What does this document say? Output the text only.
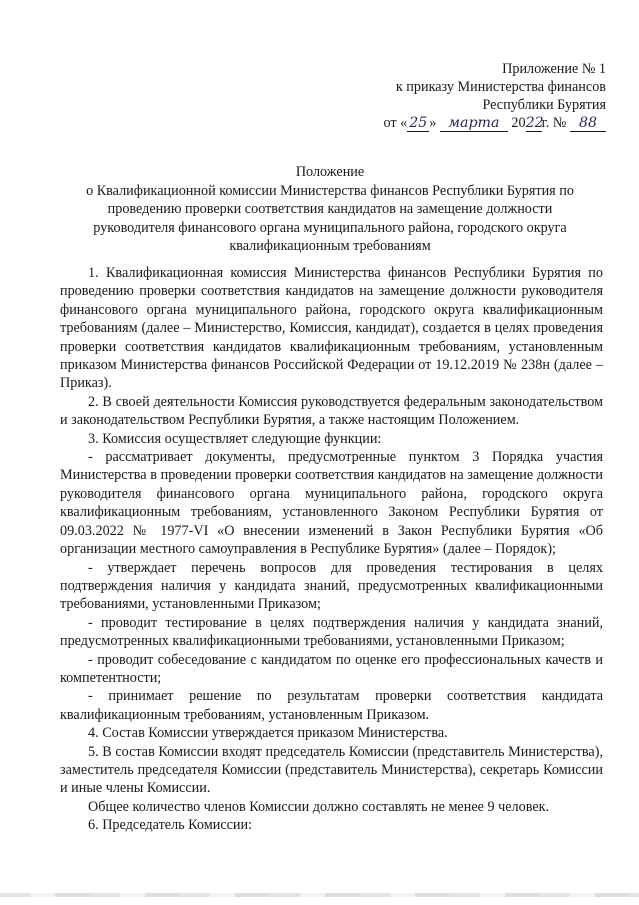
Приложение № 1
к приказу Министерства финансов
Республики Бурятия
от « 25 » марта 2022г. № 88
Положение
о Квалификационной комиссии Министерства финансов Республики Бурятия по
проведению проверки соответствия кандидатов на замещение должности
руководителя финансового органа муниципального района, городского округа
квалификационным требованиям

1. Квалификационная комиссия Министерства финансов Республики Бурятия по проведению проверки соответствия кандидатов на замещение должности руководителя финансового органа муниципального района, городского округа квалификационным требованиям (далее – Министерство, Комиссия, кандидат), создается в целях проведения проверки соответствия кандидатов квалификационным требованиям, установленным приказом Министерства финансов Российской Федерации от 19.12.2019 № 238н (далее – Приказ).

2. В своей деятельности Комиссия руководствуется федеральным законодательством и законодательством Республики Бурятия, а также настоящим Положением.

3. Комиссия осуществляет следующие функции:

- рассматривает документы, предусмотренные пунктом 3 Порядка участия Министерства в проведении проверки соответствия кандидатов на замещение должности руководителя финансового органа муниципального района, городского округа квалификационным требованиям, установленного Законом Республики Бурятия от 09.03.2022 № 1977-VI «О внесении изменений в Закон Республики Бурятия «Об организации местного самоуправления в Республике Бурятия» (далее – Порядок);

- утверждает перечень вопросов для проведения тестирования в целях подтверждения наличия у кандидата знаний, предусмотренных квалификационными требованиями, установленными Приказом;

- проводит тестирование в целях подтверждения наличия у кандидата знаний, предусмотренных квалификационными требованиями, установленными Приказом;

- проводит собеседование с кандидатом по оценке его профессиональных качеств и компетентности;

- принимает решение по результатам проверки соответствия кандидата квалификационным требованиям, установленным Приказом.

4. Состав Комиссии утверждается приказом Министерства.

5. В состав Комиссии входят председатель Комиссии (представитель Министерства), заместитель председателя Комиссии (представитель Министерства), секретарь Комиссии и иные члены Комиссии.

Общее количество членов Комиссии должно составлять не менее 9 человек.

6. Председатель Комиссии:
